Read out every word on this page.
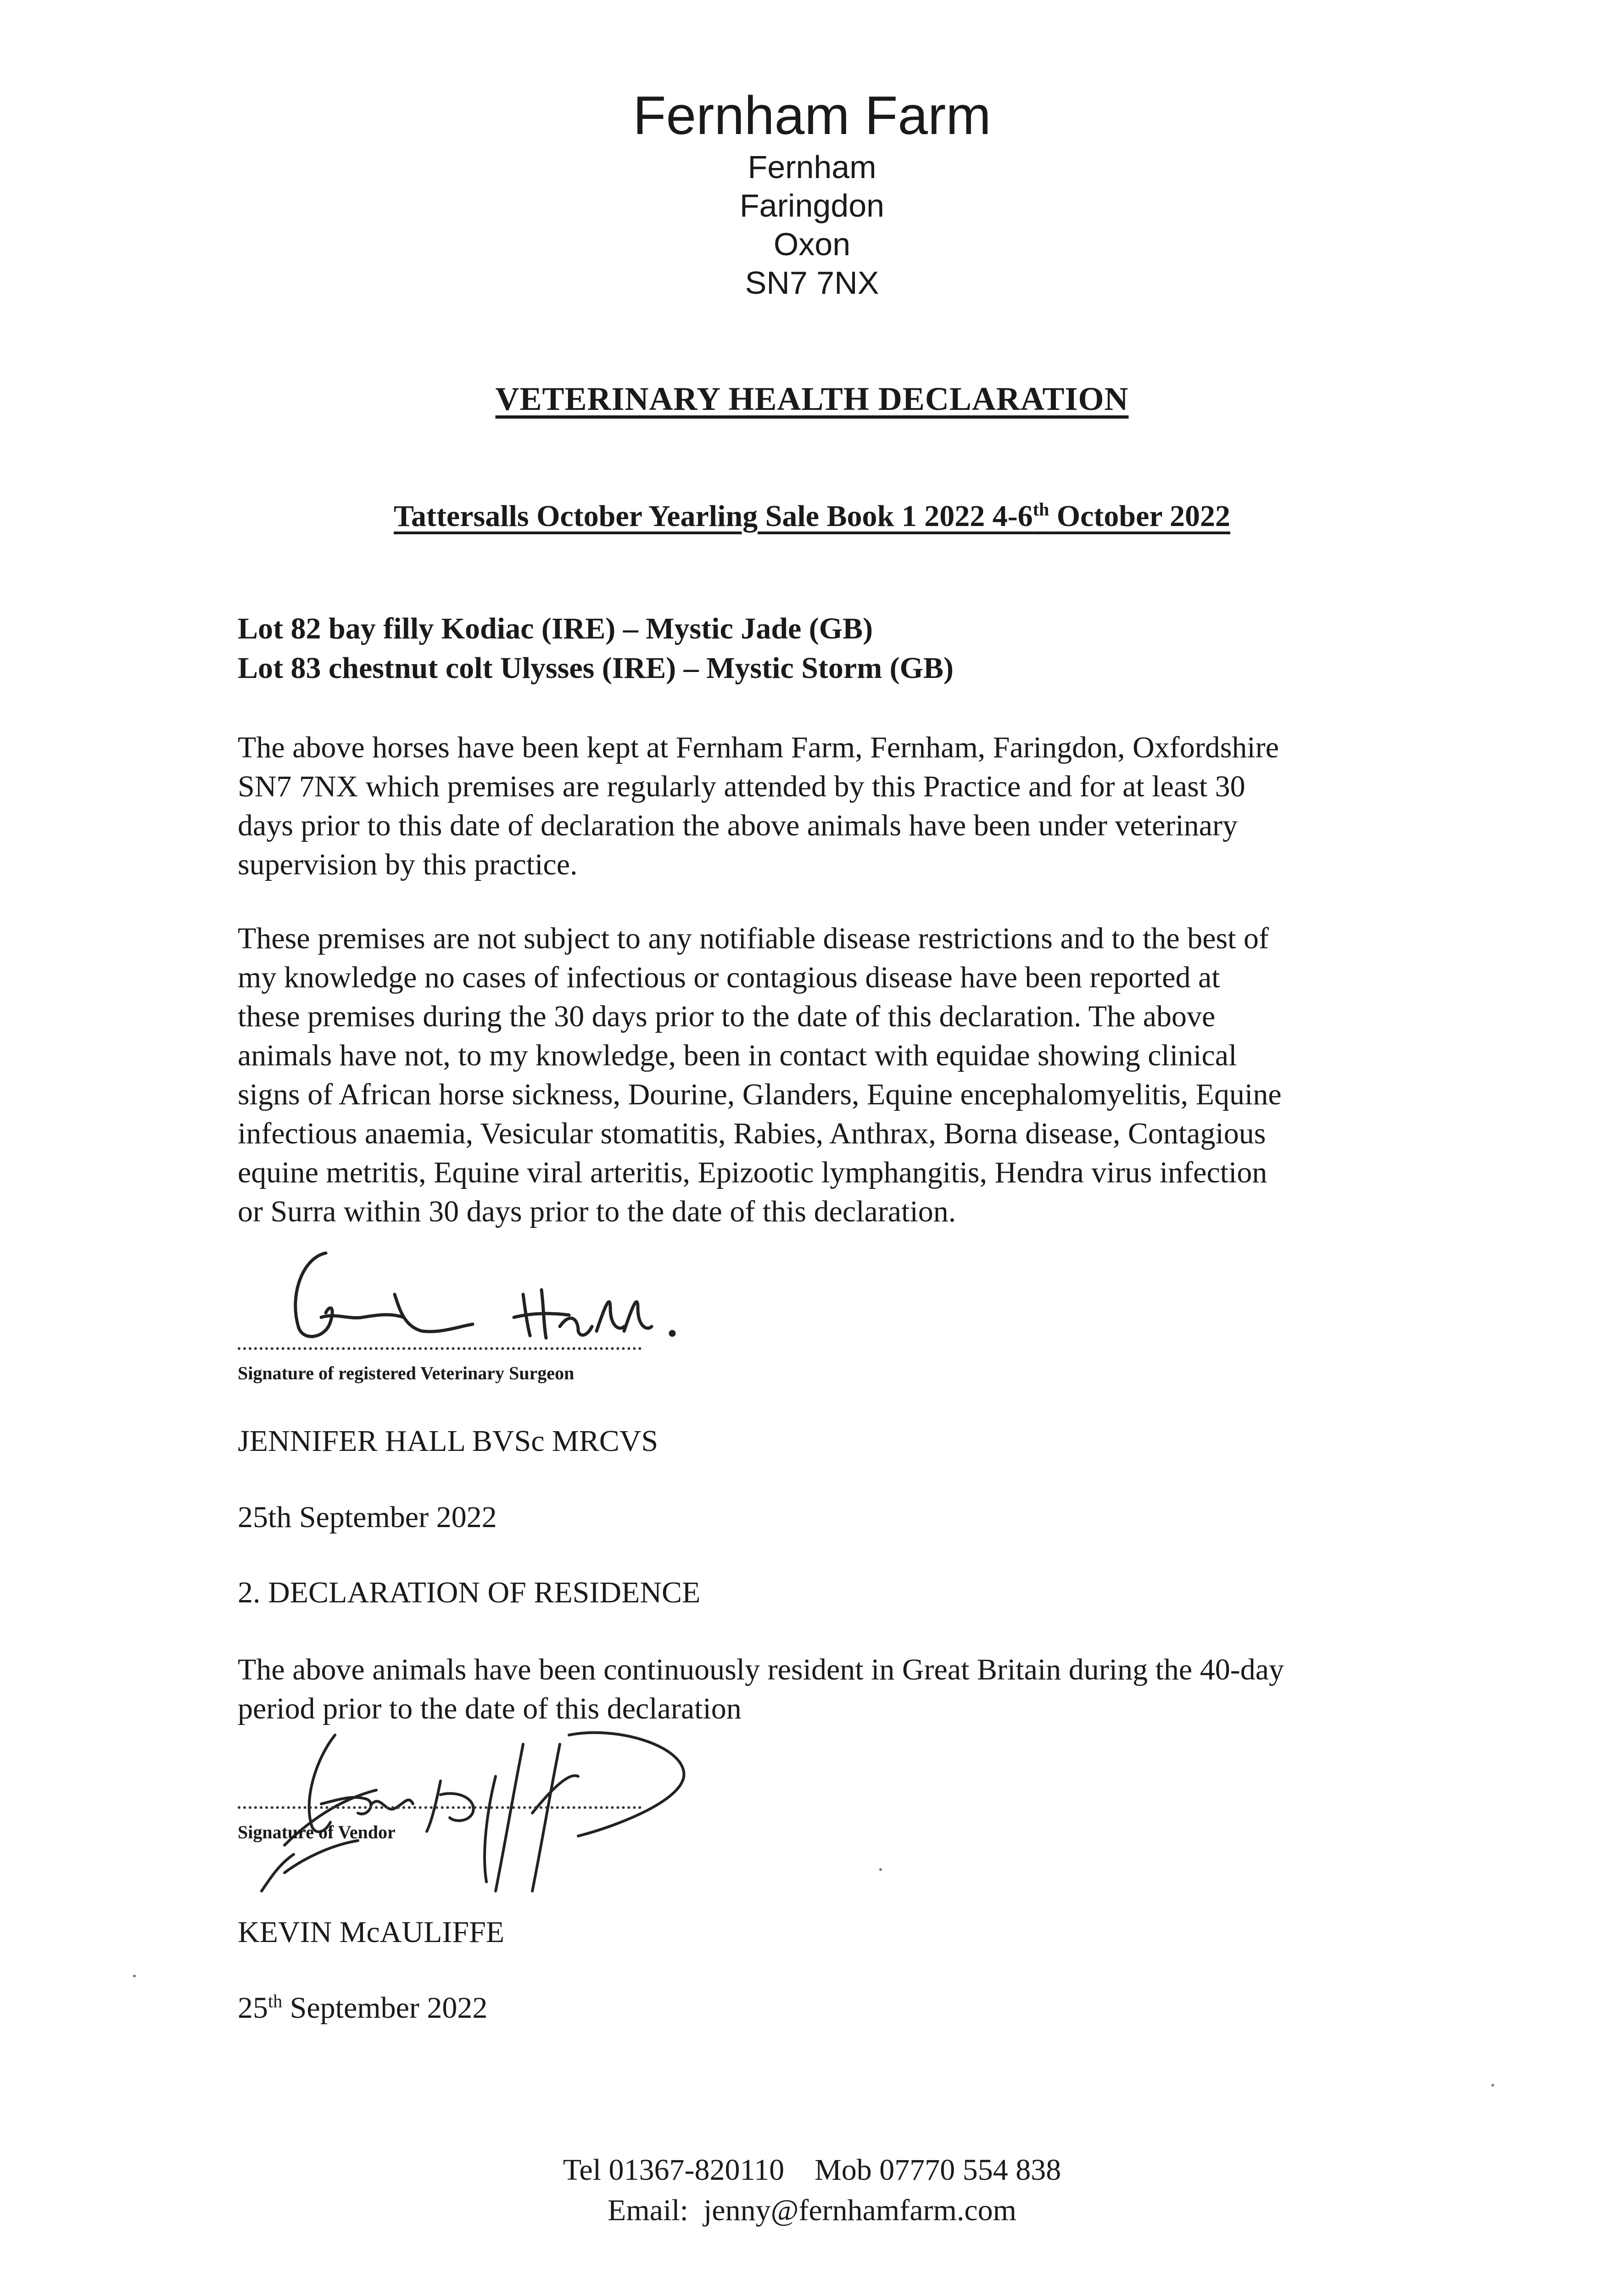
Fernham Farm
Fernham
Faringdon
Oxon
SN7 7NX
VETERINARY HEALTH DECLARATION
Tattersalls October Yearling Sale Book 1 2022 4-6th October 2022
Lot 82 bay filly Kodiac (IRE) – Mystic Jade (GB)
Lot 83 chestnut colt Ulysses (IRE) – Mystic Storm (GB)
The above horses have been kept at Fernham Farm, Fernham, Faringdon, Oxfordshire
SN7 7NX which premises are regularly attended by this Practice and for at least 30
days prior to this date of declaration the above animals have been under veterinary
supervision by this practice.
These premises are not subject to any notifiable disease restrictions and to the best of
my knowledge no cases of infectious or contagious disease have been reported at
these premises during the 30 days prior to the date of this declaration. The above
animals have not, to my knowledge, been in contact with equidae showing clinical
signs of African horse sickness, Dourine, Glanders, Equine encephalomyelitis, Equine
infectious anaemia, Vesicular stomatitis, Rabies, Anthrax, Borna disease, Contagious
equine metritis, Equine viral arteritis, Epizootic lymphangitis, Hendra virus infection
or Surra within 30 days prior to the date of this declaration.
Signature of registered Veterinary Surgeon
JENNIFER HALL BVSc MRCVS
25th September 2022
2. DECLARATION OF RESIDENCE
The above animals have been continuously resident in Great Britain during the 40-day
period prior to the date of this declaration
Signature of Vendor
KEVIN McAULIFFE
25th September 2022
Tel 01367-820110    Mob 07770 554 838
Email:  jenny@fernhamfarm.com
